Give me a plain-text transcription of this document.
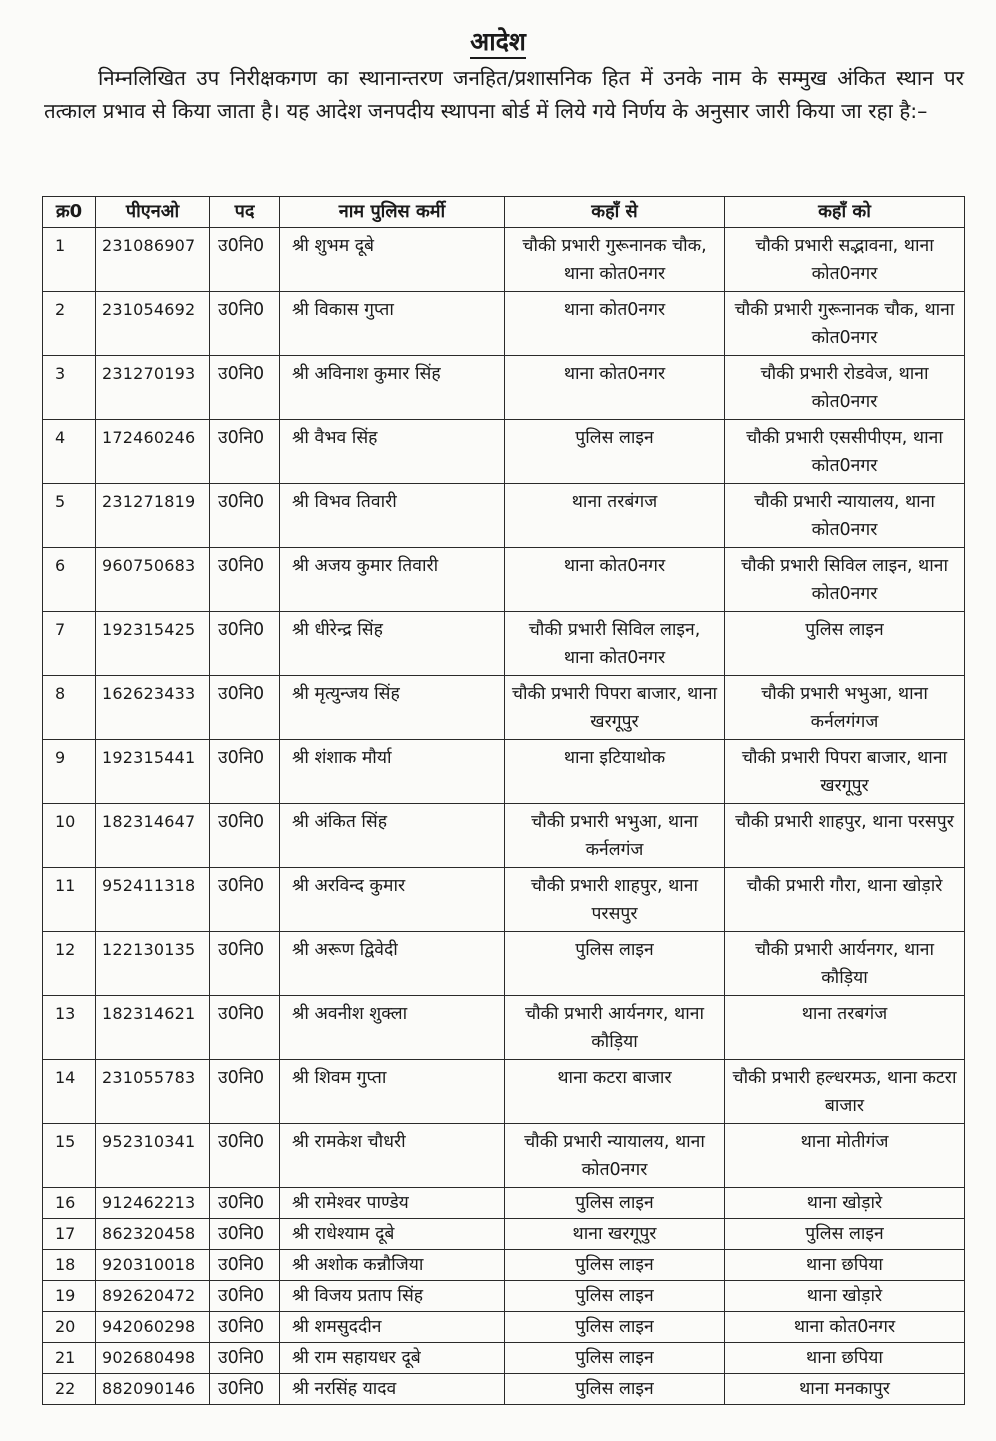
आदेश

निम्नलिखित उप निरीक्षकगण का स्थानान्तरण जनहित/प्रशासनिक हित में उनके नाम के सम्मुख अंकित स्थान पर तत्काल प्रभाव से किया जाता है। यह आदेश जनपदीय स्थापना बोर्ड में लिये गये निर्णय के अनुसार जारी किया जा रहा है:–

क्र0	पीएनओ	पद	नाम पुलिस कर्मी	कहाँ से	कहाँ को
1	231086907	उ0नि0	श्री शुभम दूबे	चौकी प्रभारी गुरूनानक चौक, थाना कोत0नगर	चौकी प्रभारी सद्भावना, थाना कोत0नगर
2	231054692	उ0नि0	श्री विकास गुप्ता	थाना कोत0नगर	चौकी प्रभारी गुरूनानक चौक, थाना कोत0नगर
3	231270193	उ0नि0	श्री अविनाश कुमार सिंह	थाना कोत0नगर	चौकी प्रभारी रोडवेज, थाना कोत0नगर
4	172460246	उ0नि0	श्री वैभव सिंह	पुलिस लाइन	चौकी प्रभारी एससीपीएम, थाना कोत0नगर
5	231271819	उ0नि0	श्री विभव तिवारी	थाना तरबंगज	चौकी प्रभारी न्यायालय, थाना कोत0नगर
6	960750683	उ0नि0	श्री अजय कुमार तिवारी	थाना कोत0नगर	चौकी प्रभारी सिविल लाइन, थाना कोत0नगर
7	192315425	उ0नि0	श्री धीरेन्द्र सिंह	चौकी प्रभारी सिविल लाइन, थाना कोत0नगर	पुलिस लाइन
8	162623433	उ0नि0	श्री मृत्युन्जय सिंह	चौकी प्रभारी पिपरा बाजार, थाना खरगूपुर	चौकी प्रभारी भभुआ, थाना कर्नलगंगज
9	192315441	उ0नि0	श्री शंशाक मौर्या	थाना इटियाथोक	चौकी प्रभारी पिपरा बाजार, थाना खरगूपुर
10	182314647	उ0नि0	श्री अंकित सिंह	चौकी प्रभारी भभुआ, थाना कर्नलगंज	चौकी प्रभारी शाहपुर, थाना परसपुर
11	952411318	उ0नि0	श्री अरविन्द कुमार	चौकी प्रभारी शाहपुर, थाना परसपुर	चौकी प्रभारी गौरा, थाना खोड़ारे
12	122130135	उ0नि0	श्री अरूण द्विवेदी	पुलिस लाइन	चौकी प्रभारी आर्यनगर, थाना कौड़िया
13	182314621	उ0नि0	श्री अवनीश शुक्ला	चौकी प्रभारी आर्यनगर, थाना कौड़िया	थाना तरबगंज
14	231055783	उ0नि0	श्री शिवम गुप्ता	थाना कटरा बाजार	चौकी प्रभारी हल्धरमऊ, थाना कटरा बाजार
15	952310341	उ0नि0	श्री रामकेश चौधरी	चौकी प्रभारी न्यायालय, थाना कोत0नगर	थाना मोतीगंज
16	912462213	उ0नि0	श्री रामेश्वर पाण्डेय	पुलिस लाइन	थाना खोड़ारे
17	862320458	उ0नि0	श्री राधेश्याम दूबे	थाना खरगूपुर	पुलिस लाइन
18	920310018	उ0नि0	श्री अशोक कन्नौजिया	पुलिस लाइन	थाना छपिया
19	892620472	उ0नि0	श्री विजय प्रताप सिंह	पुलिस लाइन	थाना खोड़ारे
20	942060298	उ0नि0	श्री शमसुददीन	पुलिस लाइन	थाना कोत0नगर
21	902680498	उ0नि0	श्री राम सहायधर दूबे	पुलिस लाइन	थाना छपिया
22	882090146	उ0नि0	श्री नरसिंह यादव	पुलिस लाइन	थाना मनकापुर
